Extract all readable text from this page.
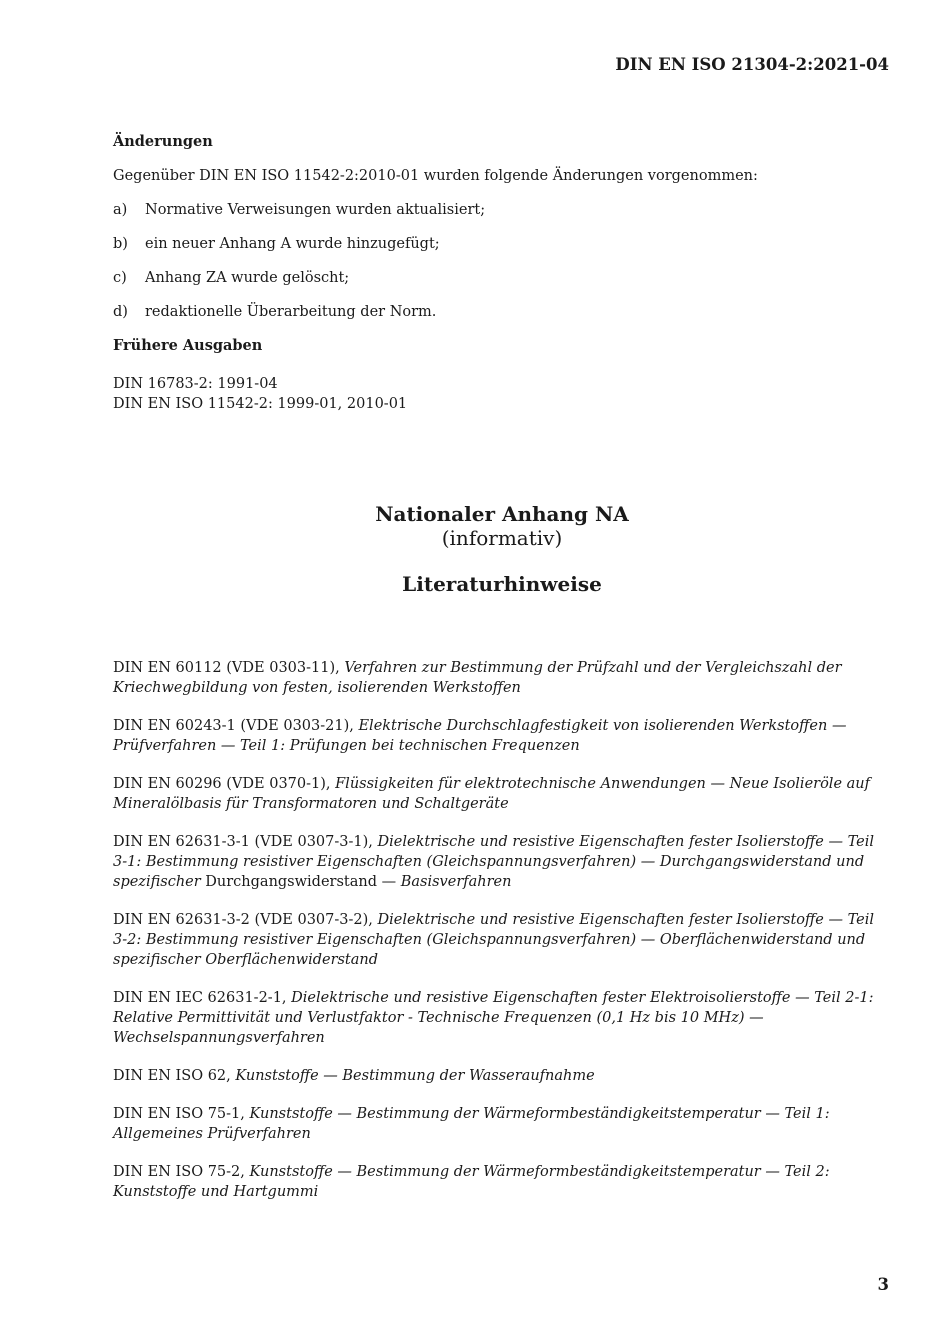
DIN EN ISO 21304-2:2021-04
Änderungen
Gegenüber DIN EN ISO 11542-2:2010-01 wurden folgende Änderungen vorgenommen:
a)	Normative Verweisungen wurden aktualisiert;
b)	ein neuer Anhang A wurde hinzugefügt;
c)	Anhang ZA wurde gelöscht;
d)	redaktionelle Überarbeitung der Norm.
Frühere Ausgaben
DIN 16783-2: 1991-04
DIN EN ISO 11542-2: 1999-01, 2010-01
Nationaler Anhang NA
(informativ)
Literaturhinweise
DIN EN 60112 (VDE 0303-11), Verfahren zur Bestimmung der Prüfzahl und der Vergleichszahl der Kriechwegbildung von festen, isolierenden Werkstoffen
DIN EN 60243-1 (VDE 0303-21), Elektrische Durchschlagfestigkeit von isolierenden Werkstoffen — Prüfverfahren — Teil 1: Prüfungen bei technischen Frequenzen
DIN EN 60296 (VDE 0370-1), Flüssigkeiten für elektrotechnische Anwendungen — Neue Isolieröle auf Mineralölbasis für Transformatoren und Schaltgeräte
DIN EN 62631-3-1 (VDE 0307-3-1), Dielektrische und resistive Eigenschaften fester Isolierstoffe — Teil 3-1: Bestimmung resistiver Eigenschaften (Gleichspannungsverfahren) — Durchgangswiderstand und spezifischer Durchgangswiderstand — Basisverfahren
DIN EN 62631-3-2 (VDE 0307-3-2), Dielektrische und resistive Eigenschaften fester Isolierstoffe — Teil 3-2: Bestimmung resistiver Eigenschaften (Gleichspannungsverfahren) — Oberflächenwiderstand und spezifischer Oberflächenwiderstand
DIN EN IEC 62631-2-1, Dielektrische und resistive Eigenschaften fester Elektroisolierstoffe — Teil 2-1: Relative Permittivität und Verlustfaktor - Technische Frequenzen (0,1 Hz bis 10 MHz) — Wechselspannungsverfahren
DIN EN ISO 62, Kunststoffe — Bestimmung der Wasseraufnahme
DIN EN ISO 75-1, Kunststoffe — Bestimmung der Wärmeformbeständigkeitstemperatur — Teil 1: Allgemeines Prüfverfahren
DIN EN ISO 75-2, Kunststoffe — Bestimmung der Wärmeformbeständigkeitstemperatur — Teil 2: Kunststoffe und Hartgummi
3
